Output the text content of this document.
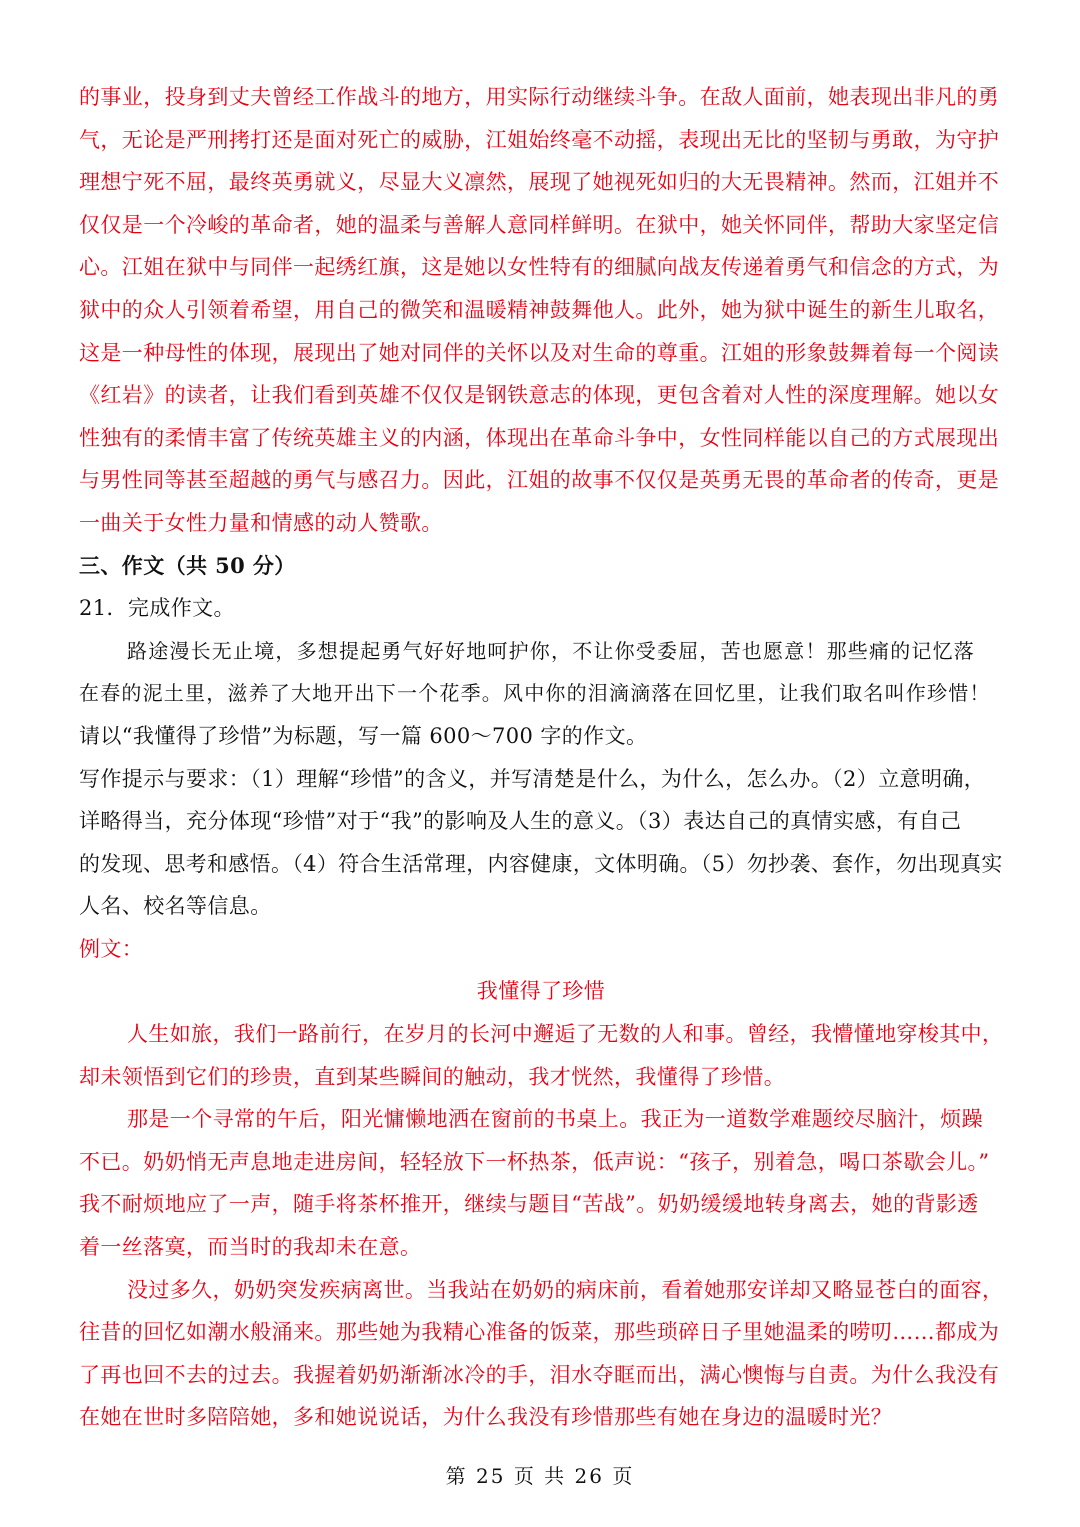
的事业，投身到丈夫曾经工作战斗的地方，用实际行动继续斗争。在敌人面前，她表现出非凡的勇
气，无论是严刑拷打还是面对死亡的威胁，江姐始终毫不动摇，表现出无比的坚韧与勇敢，为守护
理想宁死不屈，最终英勇就义，尽显大义凛然，展现了她视死如归的大无畏精神。然而，江姐并不
仅仅是一个冷峻的革命者，她的温柔与善解人意同样鲜明。在狱中，她关怀同伴，帮助大家坚定信
心。江姐在狱中与同伴一起绣红旗，这是她以女性特有的细腻向战友传递着勇气和信念的方式，为
狱中的众人引领着希望，用自己的微笑和温暖精神鼓舞他人。此外，她为狱中诞生的新生儿取名，
这是一种母性的体现，展现出了她对同伴的关怀以及对生命的尊重。江姐的形象鼓舞着每一个阅读
《红岩》的读者，让我们看到英雄不仅仅是钢铁意志的体现，更包含着对人性的深度理解。她以女
性独有的柔情丰富了传统英雄主义的内涵，体现出在革命斗争中，女性同样能以自己的方式展现出
与男性同等甚至超越的勇气与感召力。因此，江姐的故事不仅仅是英勇无畏的革命者的传奇，更是
一曲关于女性力量和情感的动人赞歌。
三、作文（共 50 分）
21．完成作文。
路途漫长无止境，多想提起勇气好好地呵护你，不让你受委屈，苦也愿意！那些痛的记忆落
在春的泥土里，滋养了大地开出下一个花季。风中你的泪滴滴落在回忆里，让我们取名叫作珍惜！
请以“我懂得了珍惜”为标题，写一篇 600～700 字的作文。
写作提示与要求：（1）理解“珍惜”的含义，并写清楚是什么，为什么，怎么办。（2）立意明确，
详略得当，充分体现“珍惜”对于“我”的影响及人生的意义。（3）表达自己的真情实感，有自己
的发现、思考和感悟。（4）符合生活常理，内容健康，文体明确。（5）勿抄袭、套作，勿出现真实
人名、校名等信息。
例文：
我懂得了珍惜
人生如旅，我们一路前行，在岁月的长河中邂逅了无数的人和事。曾经，我懵懂地穿梭其中，
却未领悟到它们的珍贵，直到某些瞬间的触动，我才恍然，我懂得了珍惜。
那是一个寻常的午后，阳光慵懒地洒在窗前的书桌上。我正为一道数学难题绞尽脑汁，烦躁
不已。奶奶悄无声息地走进房间，轻轻放下一杯热茶，低声说：“孩子，别着急，喝口茶歇会儿。”
我不耐烦地应了一声，随手将茶杯推开，继续与题目“苦战”。奶奶缓缓地转身离去，她的背影透
着一丝落寞，而当时的我却未在意。
没过多久，奶奶突发疾病离世。当我站在奶奶的病床前，看着她那安详却又略显苍白的面容，
往昔的回忆如潮水般涌来。那些她为我精心准备的饭菜，那些琐碎日子里她温柔的唠叨……都成为
了再也回不去的过去。我握着奶奶渐渐冰冷的手，泪水夺眶而出，满心懊悔与自责。为什么我没有
在她在世时多陪陪她，多和她说说话，为什么我没有珍惜那些有她在身边的温暖时光？
第 25 页 共 26 页
